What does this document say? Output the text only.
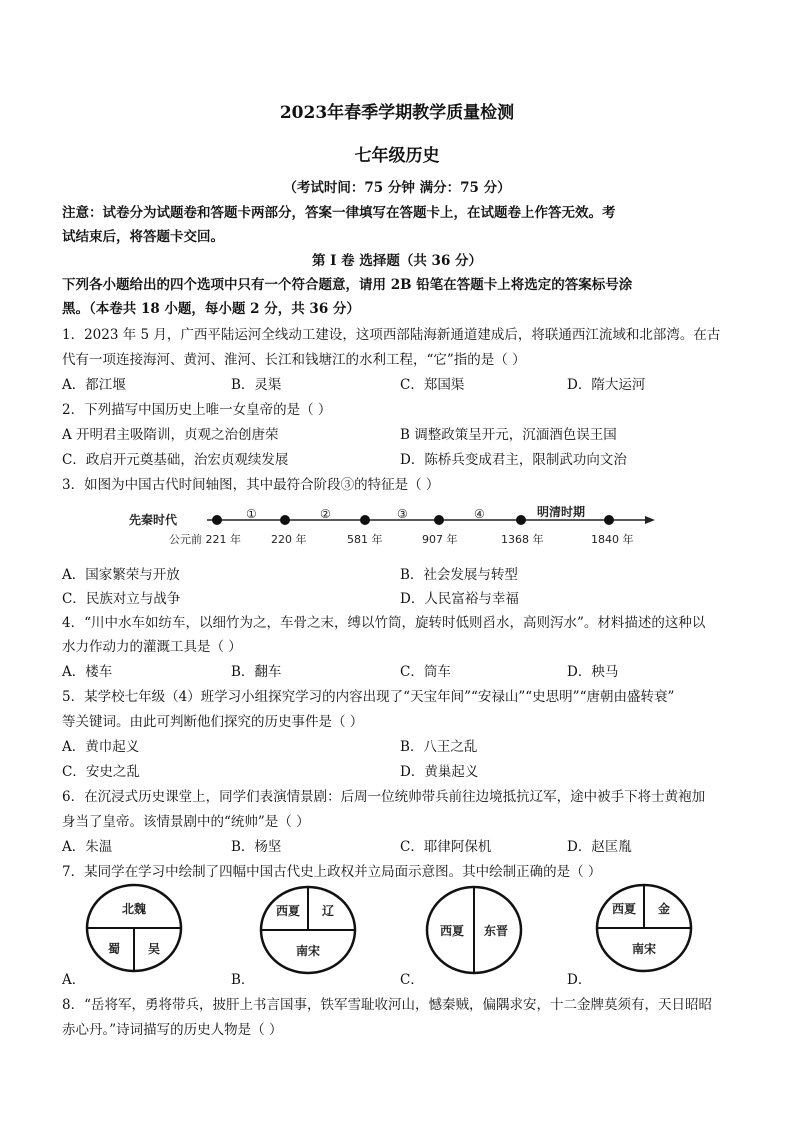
2023年春季学期教学质量检测
七年级历史
（考试时间：75 分钟 满分：75 分）
注意：试卷分为试题卷和答题卡两部分，答案一律填写在答题卡上，在试题卷上作答无效。考
试结束后，将答题卡交回。
第 I 卷 选择题（共 36 分）
下列各小题给出的四个选项中只有一个符合题意，请用 2B 铅笔在答题卡上将选定的答案标号涂
黑。（本卷共 18 小题，每小题 2 分，共 36 分）
1．2023 年 5 月，广西平陆运河全线动工建设，这项西部陆海新通道建成后，将联通西江流域和北部湾。在古
代有一项连接海河、黄河、淮河、长江和钱塘江的水利工程，“它”指的是（ ）
A．都江堰	B．灵渠	C．郑国渠	D．隋大运河
2．下列描写中国历史上唯一女皇帝的是（ ）
A 开明君主吸隋训，贞观之治创唐荣	B 调整政策呈开元，沉湎酒色误王国
C．政启开元奠基础，治宏贞观续发展	D．陈桥兵变成君主，限制武功向文治
3．如图为中国古代时间轴图，其中最符合阶段③的特征是（ ）
先秦时代
明清时期
①	②	③	④
公元前 221 年	220 年	581 年	907 年	1368 年	1840 年
A．国家繁荣与开放	B．社会发展与转型
C．民族对立与战争	D．人民富裕与幸福
4．“川中水车如纺车，以细竹为之，车骨之末，缚以竹筒，旋转时低则舀水，高则泻水”。材料描述的这种以
水力作动力的灌溉工具是（ ）
A．楼车	B．翻车	C．筒车	D．秧马
5．某学校七年级（4）班学习小组探究学习的内容出现了“天宝年间”“安禄山”“史思明”“唐朝由盛转衰”
等关键词。由此可判断他们探究的历史事件是（ ）
A．黄巾起义	B．八王之乱
C．安史之乱	D．黄巢起义
6．在沉浸式历史课堂上，同学们表演情景剧：后周一位统帅带兵前往边境抵抗辽军，途中被手下将士黄袍加
身当了皇帝。该情景剧中的“统帅”是（ ）
A．朱温	B．杨坚	C．耶律阿保机	D．赵匡胤
7．某同学在学习中绘制了四幅中国古代史上政权并立局面示意图。其中绘制正确的是（ ）
北魏
蜀 吴
A．
西夏 辽
南宋
B．
西夏 东晋
C．
西夏 金
南宋
D．
8．“岳将军，勇将带兵，披肝上书言国事，铁军雪耻收河山，憾秦贼，偏隅求安，十二金牌莫须有，天日昭昭
赤心丹。”诗词描写的历史人物是（ ）
